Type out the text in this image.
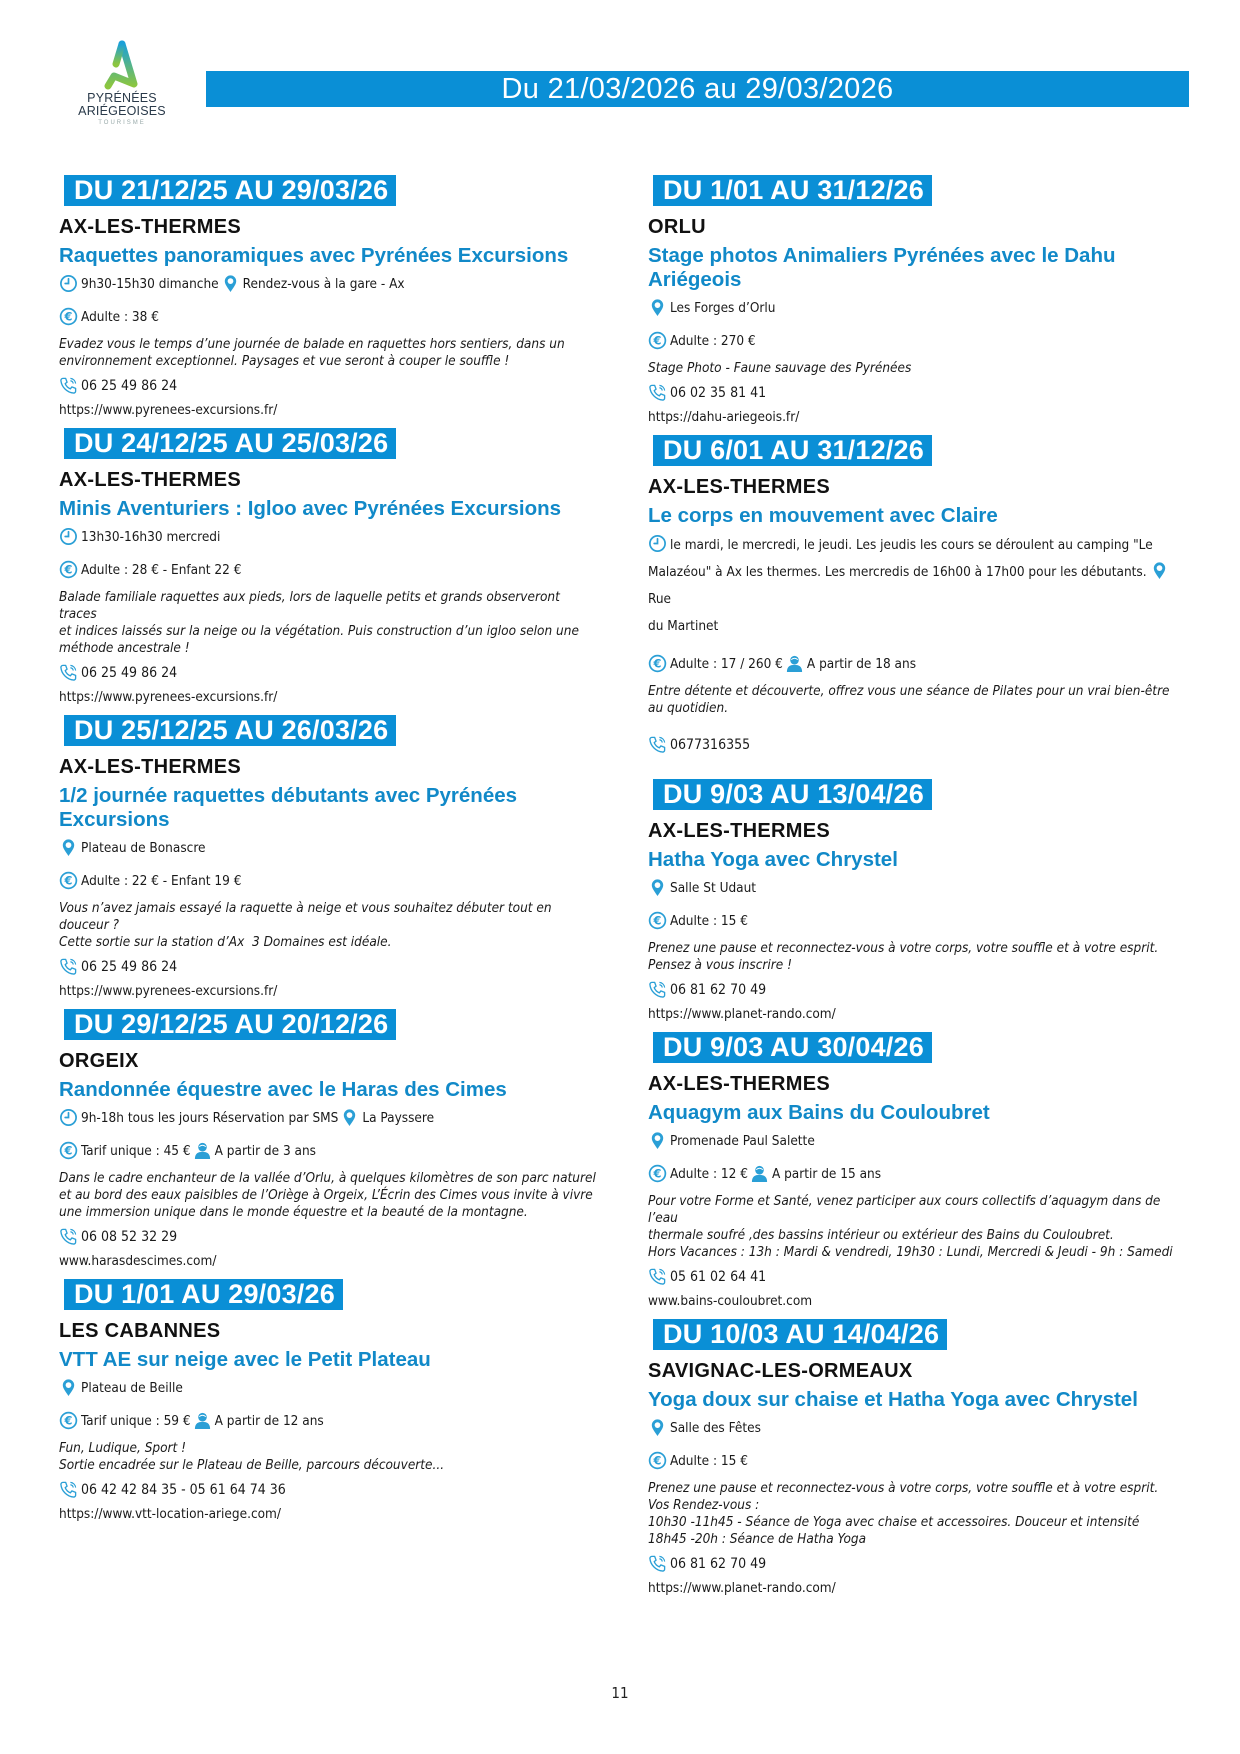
PYRÉNÉES
ARIÉGEOISES
TOURISME
Du 21/03/2026 au 29/03/2026
DU 21/12/25 AU 29/03/26
AX-LES-THERMES
Raquettes panoramiques avec Pyrénées Excursions
9h30-15h30 dimanche Rendez-vous à la gare - Ax
€ Adulte : 38 €
Evadez vous le temps d’une journée de balade en raquettes hors sentiers, dans un
environnement exceptionnel. Paysages et vue seront à couper le souffle !
06 25 49 86 24
https://www.pyrenees-excursions.fr/
DU 24/12/25 AU 25/03/26
AX-LES-THERMES
Minis Aventuriers : Igloo avec Pyrénées Excursions
13h30-16h30 mercredi
€ Adulte : 28 € - Enfant 22 €
Balade familiale raquettes aux pieds, lors de laquelle petits et grands observeront traces
et indices laissés sur la neige ou la végétation. Puis construction d’un igloo selon une
méthode ancestrale !
06 25 49 86 24
https://www.pyrenees-excursions.fr/
DU 25/12/25 AU 26/03/26
AX-LES-THERMES
1/2 journée raquettes débutants avec Pyrénées Excursions
Plateau de Bonascre
€ Adulte : 22 € - Enfant 19 €
Vous n’avez jamais essayé la raquette à neige et vous souhaitez débuter tout en douceur ?
Cette sortie sur la station d’Ax  3 Domaines est idéale.
06 25 49 86 24
https://www.pyrenees-excursions.fr/
DU 29/12/25 AU 20/12/26
ORGEIX
Randonnée équestre avec le Haras des Cimes
9h-18h tous les jours Réservation par SMS La Payssere
€ Tarif unique : 45 € A partir de 3 ans
Dans le cadre enchanteur de la vallée d’Orlu, à quelques kilomètres de son parc naturel
et au bord des eaux paisibles de l’Oriège à Orgeix, L’Écrin des Cimes vous invite à vivre
une immersion unique dans le monde équestre et la beauté de la montagne.
06 08 52 32 29
www.harasdescimes.com/
DU 1/01 AU 29/03/26
LES CABANNES
VTT AE sur neige avec le Petit Plateau
Plateau de Beille
€ Tarif unique : 59 € A partir de 12 ans
Fun, Ludique, Sport !
Sortie encadrée sur le Plateau de Beille, parcours découverte...
06 42 42 84 35 - 05 61 64 74 36
https://www.vtt-location-ariege.com/
DU 1/01 AU 31/12/26
ORLU
Stage photos Animaliers Pyrénées avec le Dahu Ariégeois
Les Forges d’Orlu
€ Adulte : 270 €
Stage Photo - Faune sauvage des Pyrénées
06 02 35 81 41
https://dahu-ariegeois.fr/
DU 6/01 AU 31/12/26
AX-LES-THERMES
Le corps en mouvement avec Claire
le mardi, le mercredi, le jeudi. Les jeudis les cours se déroulent au camping "Le
Malazéou" à Ax les thermes. Les mercredis de 16h00 à 17h00 pour les débutants. Rue
du Martinet
€ Adulte : 17 / 260 € A partir de 18 ans
Entre détente et découverte, offrez vous une séance de Pilates pour un vrai bien-être
au quotidien.
0677316355
DU 9/03 AU 13/04/26
AX-LES-THERMES
Hatha Yoga avec Chrystel
Salle St Udaut
€ Adulte : 15 €
Prenez une pause et reconnectez-vous à votre corps, votre souffle et à votre esprit.
Pensez à vous inscrire !
06 81 62 70 49
https://www.planet-rando.com/
DU 9/03 AU 30/04/26
AX-LES-THERMES
Aquagym aux Bains du Couloubret
Promenade Paul Salette
€ Adulte : 12 € A partir de 15 ans
Pour votre Forme et Santé, venez participer aux cours collectifs d’aquagym dans de l’eau
thermale soufré ,des bassins intérieur ou extérieur des Bains du Couloubret.
Hors Vacances : 13h : Mardi & vendredi, 19h30 : Lundi, Mercredi & Jeudi - 9h : Samedi
05 61 02 64 41
www.bains-couloubret.com
DU 10/03 AU 14/04/26
SAVIGNAC-LES-ORMEAUX
Yoga doux sur chaise et Hatha Yoga avec Chrystel
Salle des Fêtes
€ Adulte : 15 €
Prenez une pause et reconnectez-vous à votre corps, votre souffle et à votre esprit.
Vos Rendez-vous :
10h30 -11h45 - Séance de Yoga avec chaise et accessoires. Douceur et intensité
18h45 -20h : Séance de Hatha Yoga
06 81 62 70 49
https://www.planet-rando.com/
11
